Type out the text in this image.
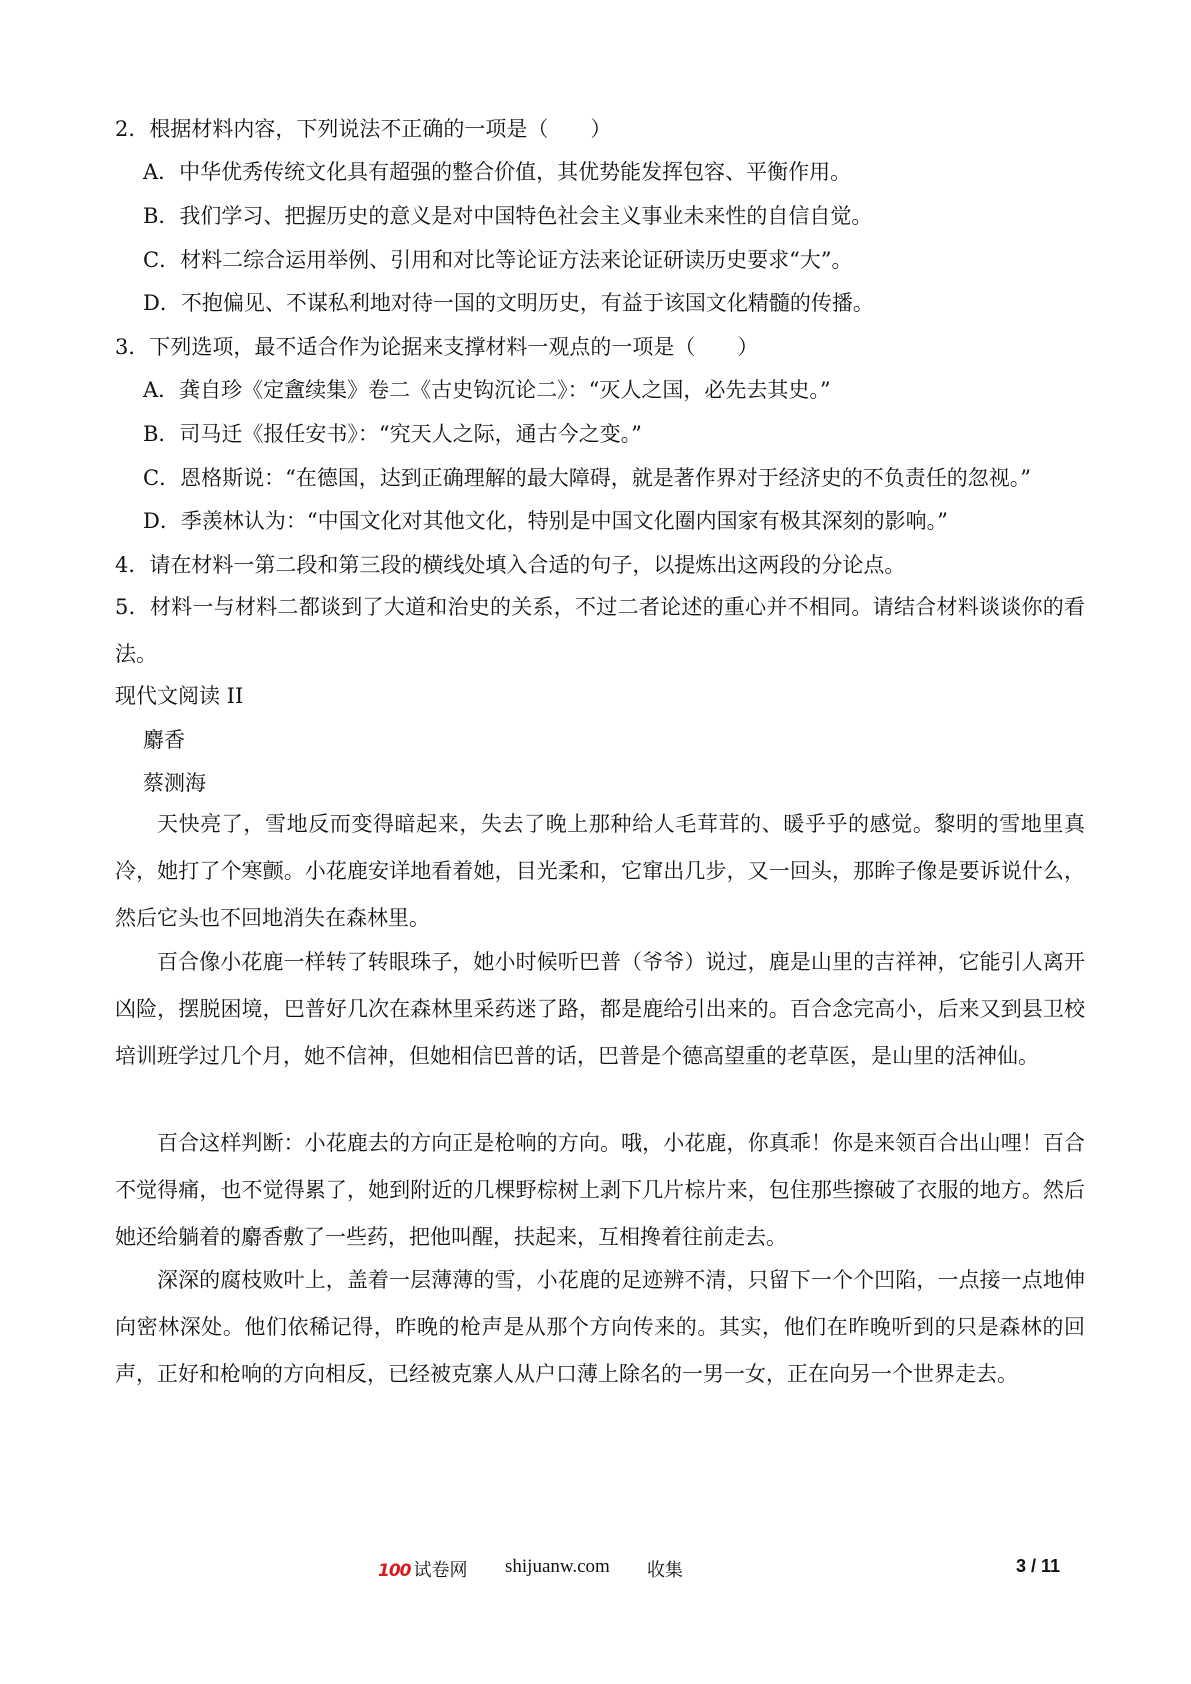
2．根据材料内容，下列说法不正确的一项是（　　）
A．中华优秀传统文化具有超强的整合价值，其优势能发挥包容、平衡作用。
B．我们学习、把握历史的意义是对中国特色社会主义事业未来性的自信自觉。
C．材料二综合运用举例、引用和对比等论证方法来论证研读历史要求“大”。
D．不抱偏见、不谋私利地对待一国的文明历史，有益于该国文化精髓的传播。
3．下列选项，最不适合作为论据来支撑材料一观点的一项是（　　）
A．龚自珍《定盦续集》卷二《古史钩沉论二》：“灭人之国，必先去其史。”
B．司马迁《报任安书》：“究天人之际，通古今之变。”
C．恩格斯说：“在德国，达到正确理解的最大障碍，就是著作界对于经济史的不负责任的忽视。”
D．季羡林认为：“中国文化对其他文化，特别是中国文化圈内国家有极其深刻的影响。”
4．请在材料一第二段和第三段的横线处填入合适的句子，以提炼出这两段的分论点。
5．材料一与材料二都谈到了大道和治史的关系，不过二者论述的重心并不相同。请结合材料谈谈你的看法。
现代文阅读 II
麝香
蔡测海
天快亮了，雪地反而变得暗起来，失去了晚上那种给人毛茸茸的、暖乎乎的感觉。黎明的雪地里真冷，她打了个寒颤。小花鹿安详地看着她，目光柔和，它窜出几步，又一回头，那眸子像是要诉说什么，然后它头也不回地消失在森林里。
百合像小花鹿一样转了转眼珠子，她小时候听巴普（爷爷）说过，鹿是山里的吉祥神，它能引人离开凶险，摆脱困境，巴普好几次在森林里采药迷了路，都是鹿给引出来的。百合念完高小，后来又到县卫校培训班学过几个月，她不信神，但她相信巴普的话，巴普是个德高望重的老草医，是山里的活神仙。
百合这样判断：小花鹿去的方向正是枪响的方向。哦，小花鹿，你真乖！你是来领百合出山哩！百合不觉得痛，也不觉得累了，她到附近的几棵野棕树上剥下几片棕片来，包住那些擦破了衣服的地方。然后她还给躺着的麝香敷了一些药，把他叫醒，扶起来，互相搀着往前走去。
深深的腐枝败叶上，盖着一层薄薄的雪，小花鹿的足迹辨不清，只留下一个个凹陷，一点接一点地伸向密林深处。他们依稀记得，昨晚的枪声是从那个方向传来的。其实，他们在昨晚听到的只是森林的回声，正好和枪响的方向相反，已经被克寨人从户口薄上除名的一男一女，正在向另一个世界走去。
100 试卷网 shijuanw.com 收集	3 / 11
